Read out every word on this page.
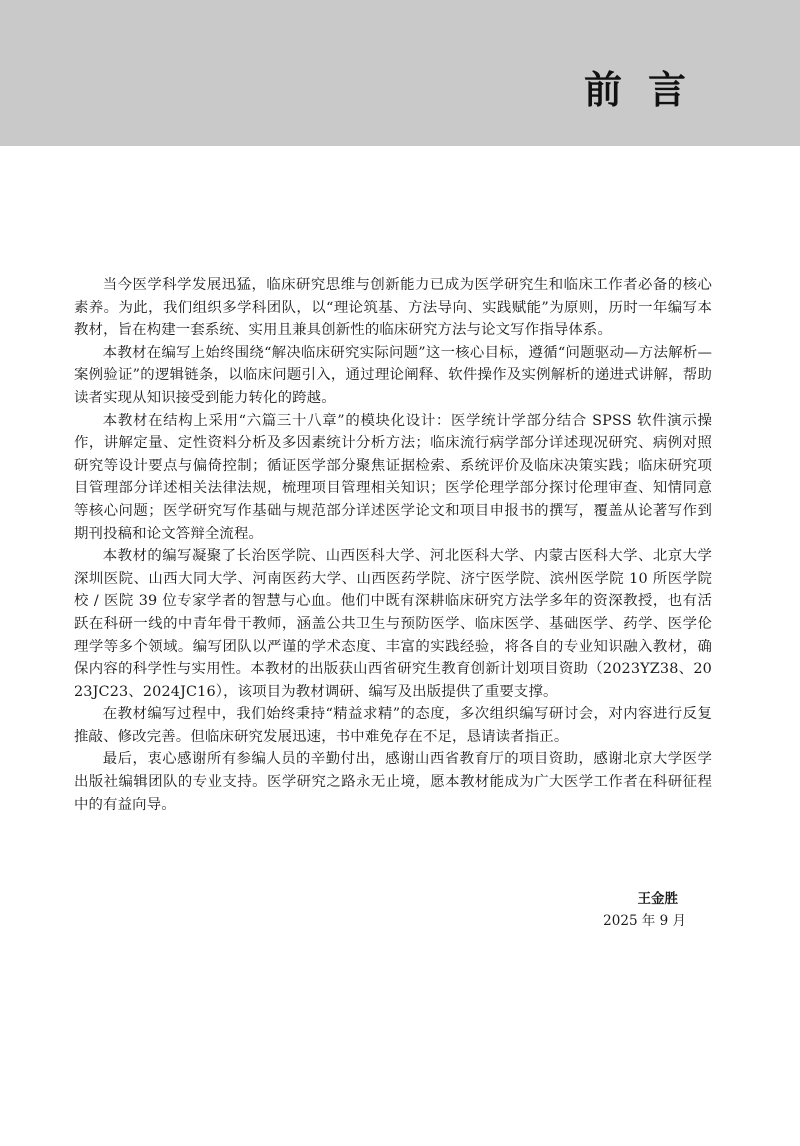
前言

当今医学科学发展迅猛，临床研究思维与创新能力已成为医学研究生和临床工作者必备的核心素养。为此，我们组织多学科团队，以“理论筑基、方法导向、实践赋能”为原则，历时一年编写本教材，旨在构建一套系统、实用且兼具创新性的临床研究方法与论文写作指导体系。

本教材在编写上始终围绕“解决临床研究实际问题”这一核心目标，遵循“问题驱动—方法解析—案例验证”的逻辑链条，以临床问题引入，通过理论阐释、软件操作及实例解析的递进式讲解，帮助读者实现从知识接受到能力转化的跨越。

本教材在结构上采用“六篇三十八章”的模块化设计：医学统计学部分结合 SPSS 软件演示操作，讲解定量、定性资料分析及多因素统计分析方法；临床流行病学部分详述现况研究、病例对照研究等设计要点与偏倚控制；循证医学部分聚焦证据检索、系统评价及临床决策实践；临床研究项目管理部分详述相关法律法规，梳理项目管理相关知识；医学伦理学部分探讨伦理审查、知情同意等核心问题；医学研究写作基础与规范部分详述医学论文和项目申报书的撰写，覆盖从论著写作到期刊投稿和论文答辩全流程。

本教材的编写凝聚了长治医学院、山西医科大学、河北医科大学、内蒙古医科大学、北京大学深圳医院、山西大同大学、河南医药大学、山西医药学院、济宁医学院、滨州医学院 10 所医学院校 / 医院 39 位专家学者的智慧与心血。他们中既有深耕临床研究方法学多年的资深教授，也有活跃在科研一线的中青年骨干教师，涵盖公共卫生与预防医学、临床医学、基础医学、药学、医学伦理学等多个领域。编写团队以严谨的学术态度、丰富的实践经验，将各自的专业知识融入教材，确保内容的科学性与实用性。本教材的出版获山西省研究生教育创新计划项目资助（2023YZ38、2023JC23、2024JC16），该项目为教材调研、编写及出版提供了重要支撑。

在教材编写过程中，我们始终秉持“精益求精”的态度，多次组织编写研讨会，对内容进行反复推敲、修改完善。但临床研究发展迅速，书中难免存在不足，恳请读者指正。

最后，衷心感谢所有参编人员的辛勤付出，感谢山西省教育厅的项目资助，感谢北京大学医学出版社编辑团队的专业支持。医学研究之路永无止境，愿本教材能成为广大医学工作者在科研征程中的有益向导。

王金胜
2025 年 9 月
